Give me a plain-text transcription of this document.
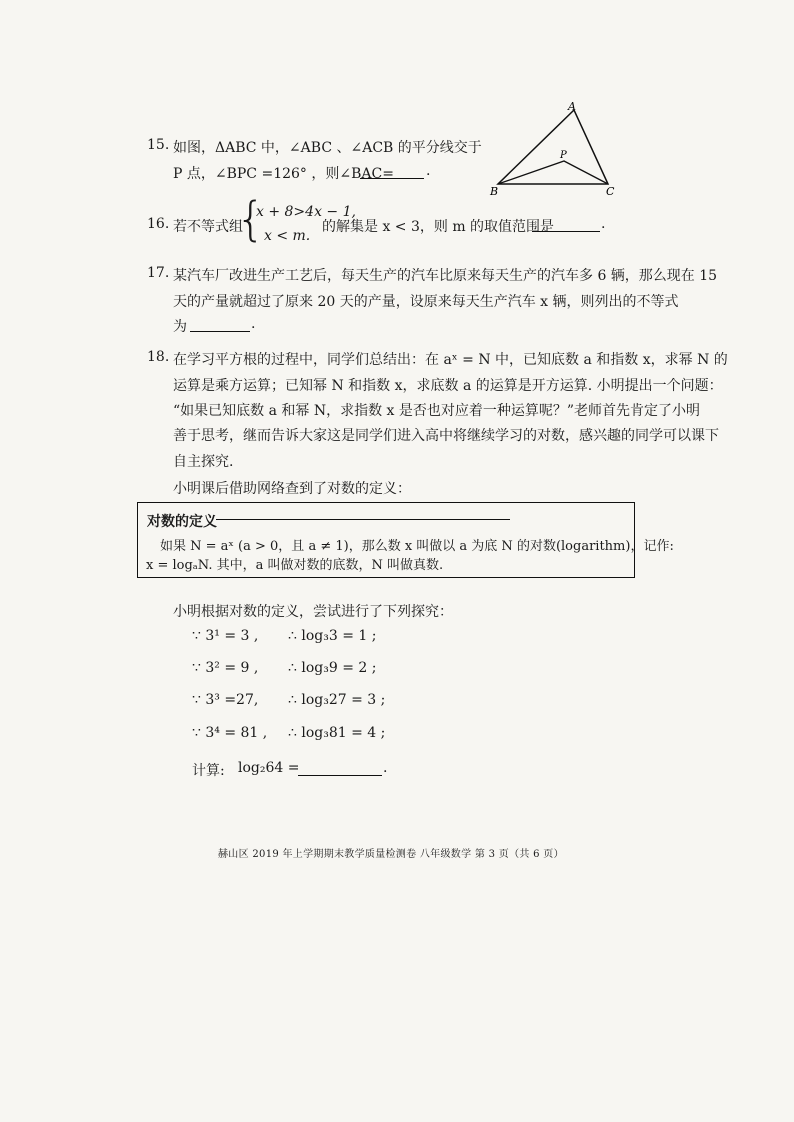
15. 如图，ΔABC 中，∠ABC 、∠ACB 的平分线交于
P 点，∠BPC =126° ，则∠BAC= .
A
B	C
P
16. 若不等式组
{
x + 8>4x − 1,
x < m.
的解集是 x < 3，则 m 的取值范围是	.
17. 某汽车厂改进生产工艺后，每天生产的汽车比原来每天生产的汽车多 6 辆，那么现在 15
天的产量就超过了原来 20 天的产量，设原来每天生产汽车 x 辆，则列出的不等式
为	.
18. 在学习平方根的过程中，同学们总结出：在 aˣ = N 中，已知底数 a 和指数 x，求幂 N 的
运算是乘方运算；已知幂 N 和指数 x，求底数 a 的运算是开方运算. 小明提出一个问题：
“如果已知底数 a 和幂 N，求指数 x 是否也对应着一种运算呢？”老师首先肯定了小明
善于思考，继而告诉大家这是同学们进入高中将继续学习的对数，感兴趣的同学可以课下
自主探究.
小明课后借助网络查到了对数的定义：
对数的定义
如果 N = aˣ (a > 0，且 a ≠ 1)，那么数 x 叫做以 a 为底 N 的对数(logarithm)，记作:
x = logₐN. 其中，a 叫做对数的底数，N 叫做真数.
小明根据对数的定义，尝试进行了下列探究：
∵ 3¹ = 3 , ∴ log₃3 = 1 ;
∵ 3² = 9 , ∴ log₃9 = 2 ;
∵ 3³ =27, ∴ log₃27 = 3 ;
∵ 3⁴ = 81 , ∴ log₃81 = 4 ;
计算: log₂64 =	.
赫山区 2019 年上学期期末教学质量检测卷 八年级数学 第 3 页（共 6 页）
